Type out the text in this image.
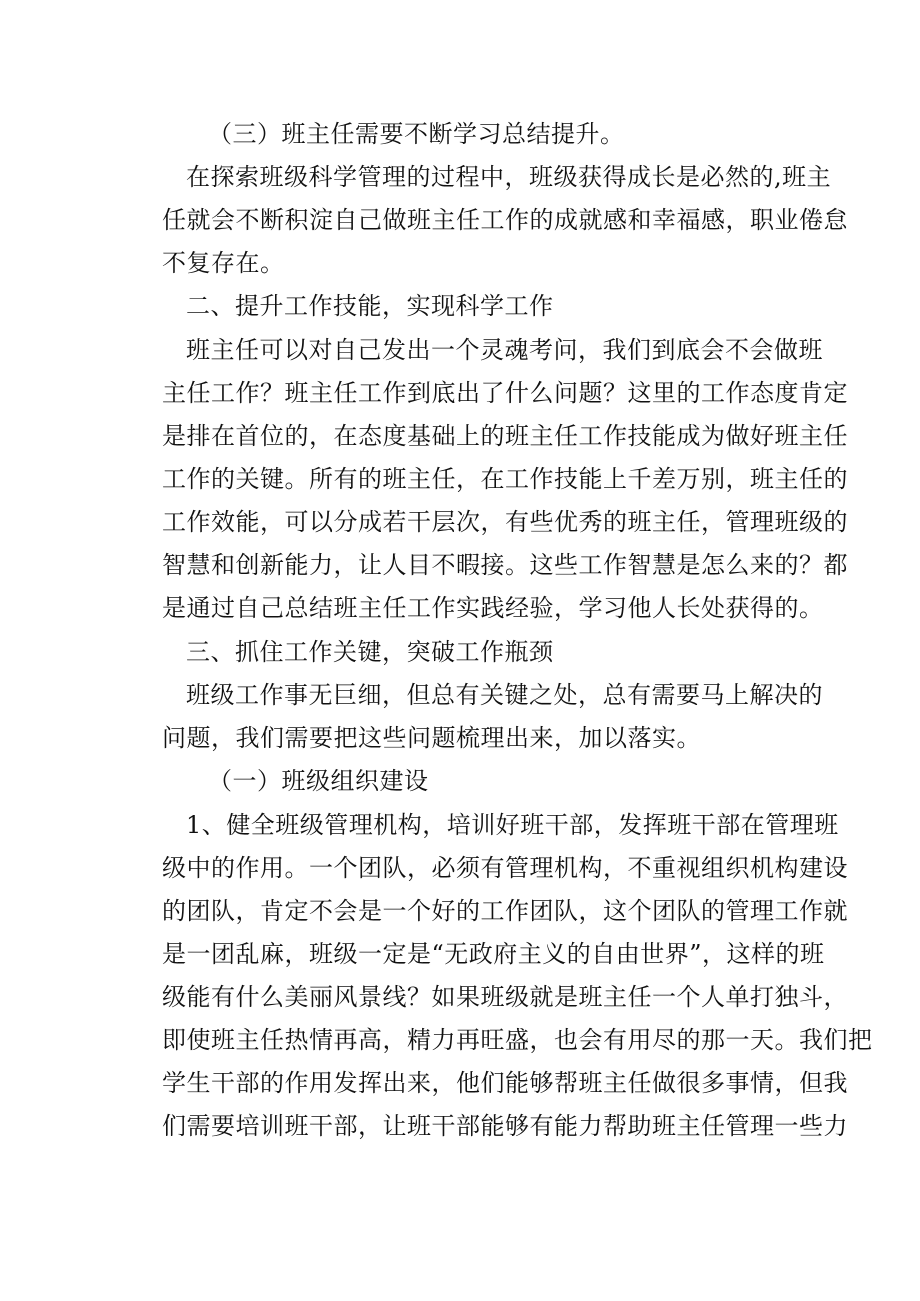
（三）班主任需要不断学习总结提升。
在探索班级科学管理的过程中，班级获得成长是必然的,班主
任就会不断积淀自己做班主任工作的成就感和幸福感，职业倦怠
不复存在。
二、提升工作技能，实现科学工作
班主任可以对自己发出一个灵魂考问，我们到底会不会做班
主任工作？班主任工作到底出了什么问题？这里的工作态度肯定
是排在首位的，在态度基础上的班主任工作技能成为做好班主任
工作的关键。所有的班主任，在工作技能上千差万别，班主任的
工作效能，可以分成若干层次，有些优秀的班主任，管理班级的
智慧和创新能力，让人目不暇接。这些工作智慧是怎么来的？都
是通过自己总结班主任工作实践经验，学习他人长处获得的。
三、抓住工作关键，突破工作瓶颈
班级工作事无巨细，但总有关键之处，总有需要马上解决的
问题，我们需要把这些问题梳理出来，加以落实。
（一）班级组织建设
1、健全班级管理机构，培训好班干部，发挥班干部在管理班
级中的作用。一个团队，必须有管理机构，不重视组织机构建设
的团队，肯定不会是一个好的工作团队，这个团队的管理工作就
是一团乱麻，班级一定是“无政府主义的自由世界”，这样的班
级能有什么美丽风景线？如果班级就是班主任一个人单打独斗，
即使班主任热情再高，精力再旺盛，也会有用尽的那一天。我们把
学生干部的作用发挥出来，他们能够帮班主任做很多事情，但我
们需要培训班干部，让班干部能够有能力帮助班主任管理一些力
